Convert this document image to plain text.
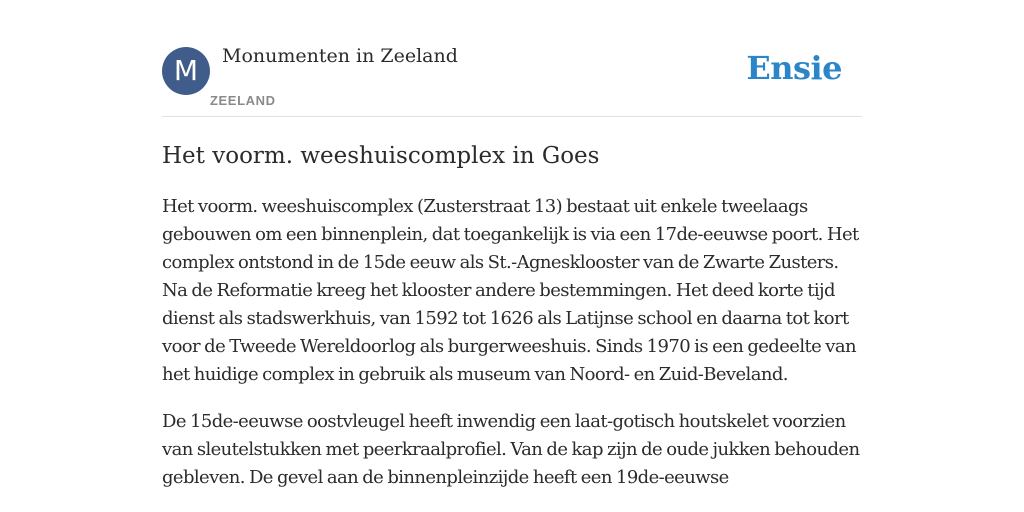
M	Monumenten in Zeeland
ZEELAND
Ensie
Het voorm. weeshuiscomplex in Goes

Het voorm. weeshuiscomplex (Zusterstraat 13) bestaat uit enkele tweelaags gebouwen om een binnenplein, dat toegankelijk is via een 17de-eeuwse poort. Het complex ontstond in de 15de eeuw als St.-Agnesklooster van de Zwarte Zusters. Na de Reformatie kreeg het klooster andere bestemmingen. Het deed korte tijd dienst als stadswerkhuis, van 1592 tot 1626 als Latijnse school en daarna tot kort voor de Tweede Wereldoorlog als burgerweeshuis. Sinds 1970 is een gedeelte van het huidige complex in gebruik als museum van Noord- en Zuid-Beveland.

De 15de-eeuwse oostvleugel heeft inwendig een laat-gotisch houtskelet voorzien van sleutelstukken met peerkraalprofiel. Van de kap zijn de oude jukken behouden gebleven. De gevel aan de binnenpleinzijde heeft een 19de-eeuwse
